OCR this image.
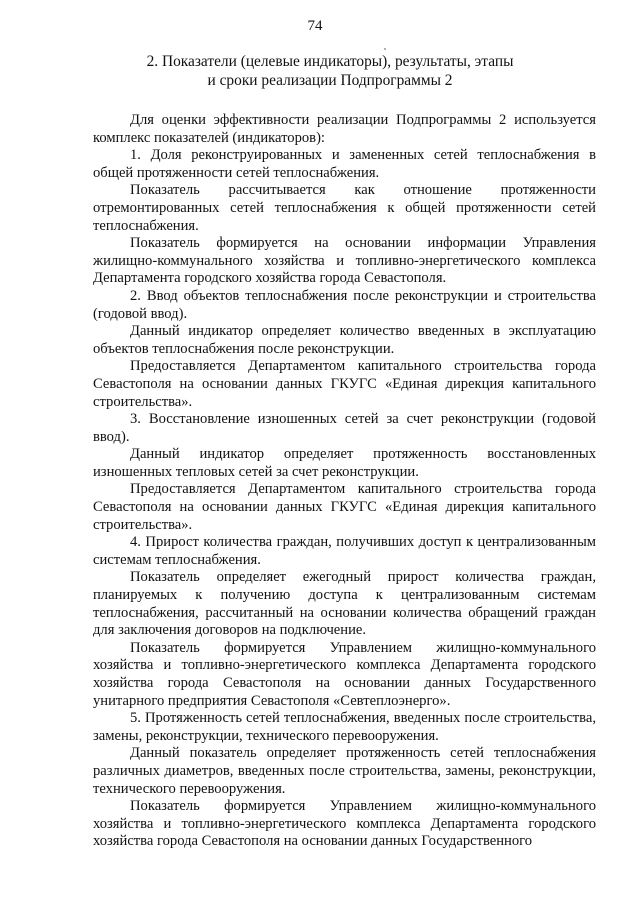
74
2. Показатели (целевые индикаторы), результаты, этапы
и сроки реализации Подпрограммы 2

Для оценки эффективности реализации Подпрограммы 2 используется комплекс показателей (индикаторов):

1. Доля реконструированных и замененных сетей теплоснабжения в общей протяженности сетей теплоснабжения.

Показатель рассчитывается как отношение протяженности отремонтированных сетей теплоснабжения к общей протяженности сетей теплоснабжения.

Показатель формируется на основании информации Управления жилищно-коммунального хозяйства и топливно-энергетического комплекса Департамента городского хозяйства города Севастополя.

2. Ввод объектов теплоснабжения после реконструкции и строительства (годовой ввод).

Данный индикатор определяет количество введенных в эксплуатацию объектов теплоснабжения после реконструкции.

Предоставляется Департаментом капитального строительства города Севастополя на основании данных ГКУГС «Единая дирекция капитального строительства».

3. Восстановление изношенных сетей за счет реконструкции (годовой ввод).

Данный индикатор определяет протяженность восстановленных изношенных тепловых сетей за счет реконструкции.

Предоставляется Департаментом капитального строительства города Севастополя на основании данных ГКУГС «Единая дирекция капитального строительства».

4. Прирост количества граждан, получивших доступ к централизованным системам теплоснабжения.

Показатель определяет ежегодный прирост количества граждан, планируемых к получению доступа к централизованным системам теплоснабжения, рассчитанный на основании количества обращений граждан для заключения договоров на подключение.

Показатель формируется Управлением жилищно-коммунального хозяйства и топливно-энергетического комплекса Департамента городского хозяйства города Севастополя на основании данных Государственного унитарного предприятия Севастополя «Севтеплоэнерго».

5. Протяженность сетей теплоснабжения, введенных после строительства, замены, реконструкции, технического перевооружения.

Данный показатель определяет протяженность сетей теплоснабжения различных диаметров, введенных после строительства, замены, реконструкции, технического перевооружения.

Показатель формируется Управлением жилищно-коммунального хозяйства и топливно-энергетического комплекса Департамента городского хозяйства города Севастополя на основании данных Государственного
